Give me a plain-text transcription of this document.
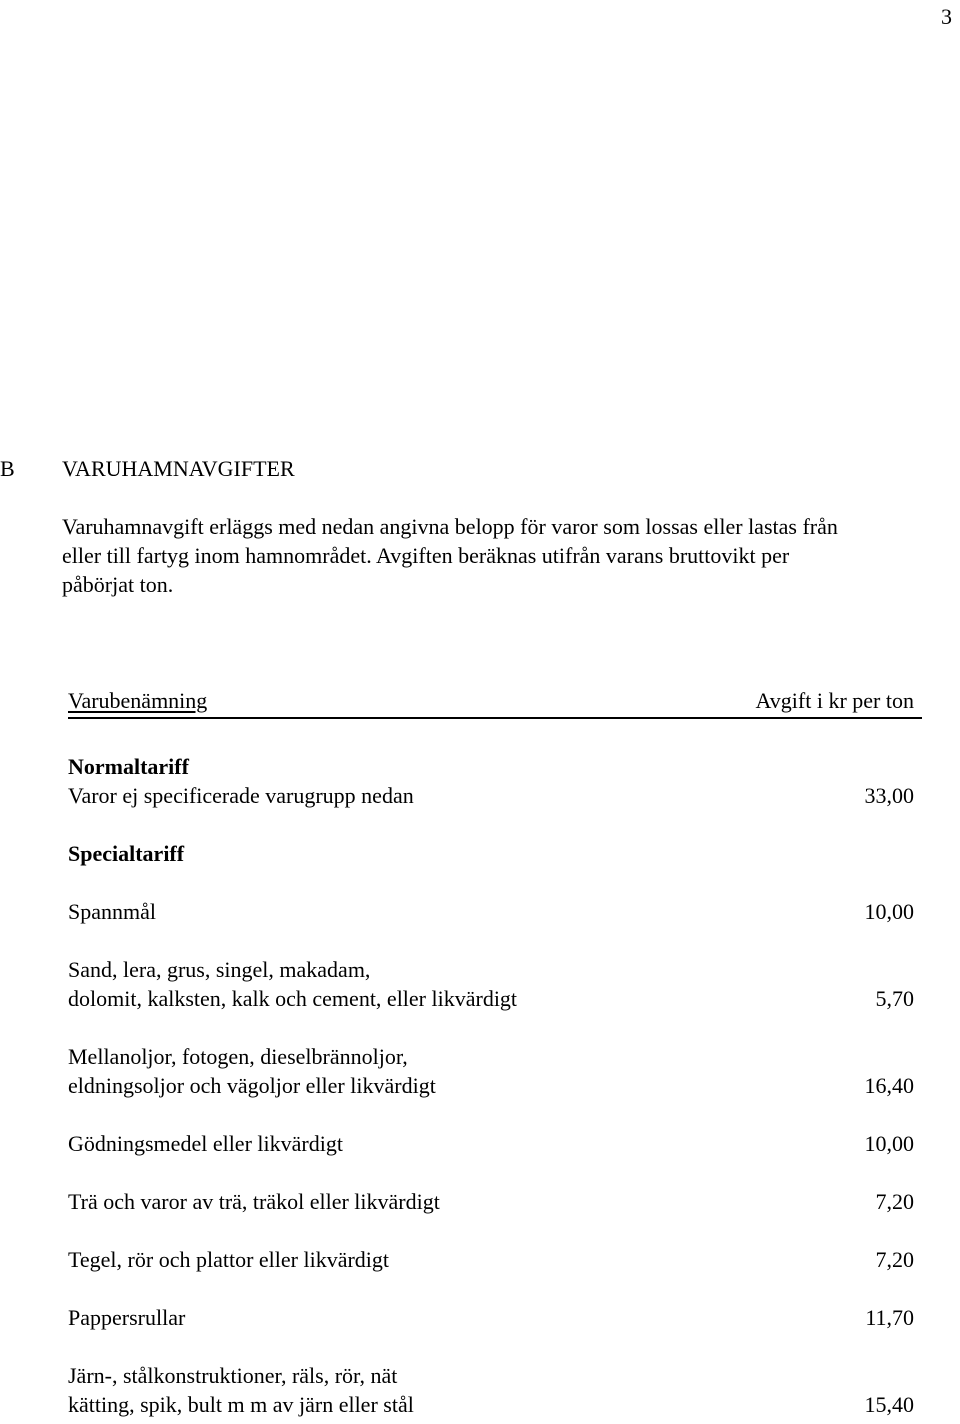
3
B VARUHAMNAVGIFTER

Varuhamnavgift erläggs med nedan angivna belopp för varor som lossas eller lastas från

eller till fartyg inom hamnområdet. Avgiften beräknas utifrån varans bruttovikt per

påbörjat ton.

Varubenämning	Avgift i kr per ton
Normaltariff
Varor ej specificerade varugrupp nedan	33,00
Specialtariff
Spannmål	10,00
Sand, lera, grus, singel, makadam,
dolomit, kalksten, kalk och cement, eller likvärdigt	5,70
Mellanoljor, fotogen, dieselbrännoljor,
eldningsoljor och vägoljor eller likvärdigt	16,40
Gödningsmedel eller likvärdigt	10,00
Trä och varor av trä, träkol eller likvärdigt	7,20
Tegel, rör och plattor eller likvärdigt	7,20
Pappersrullar	11,70
Järn-, stålkonstruktioner, räls, rör, nät
kätting, spik, bult m m av järn eller stål	15,40
